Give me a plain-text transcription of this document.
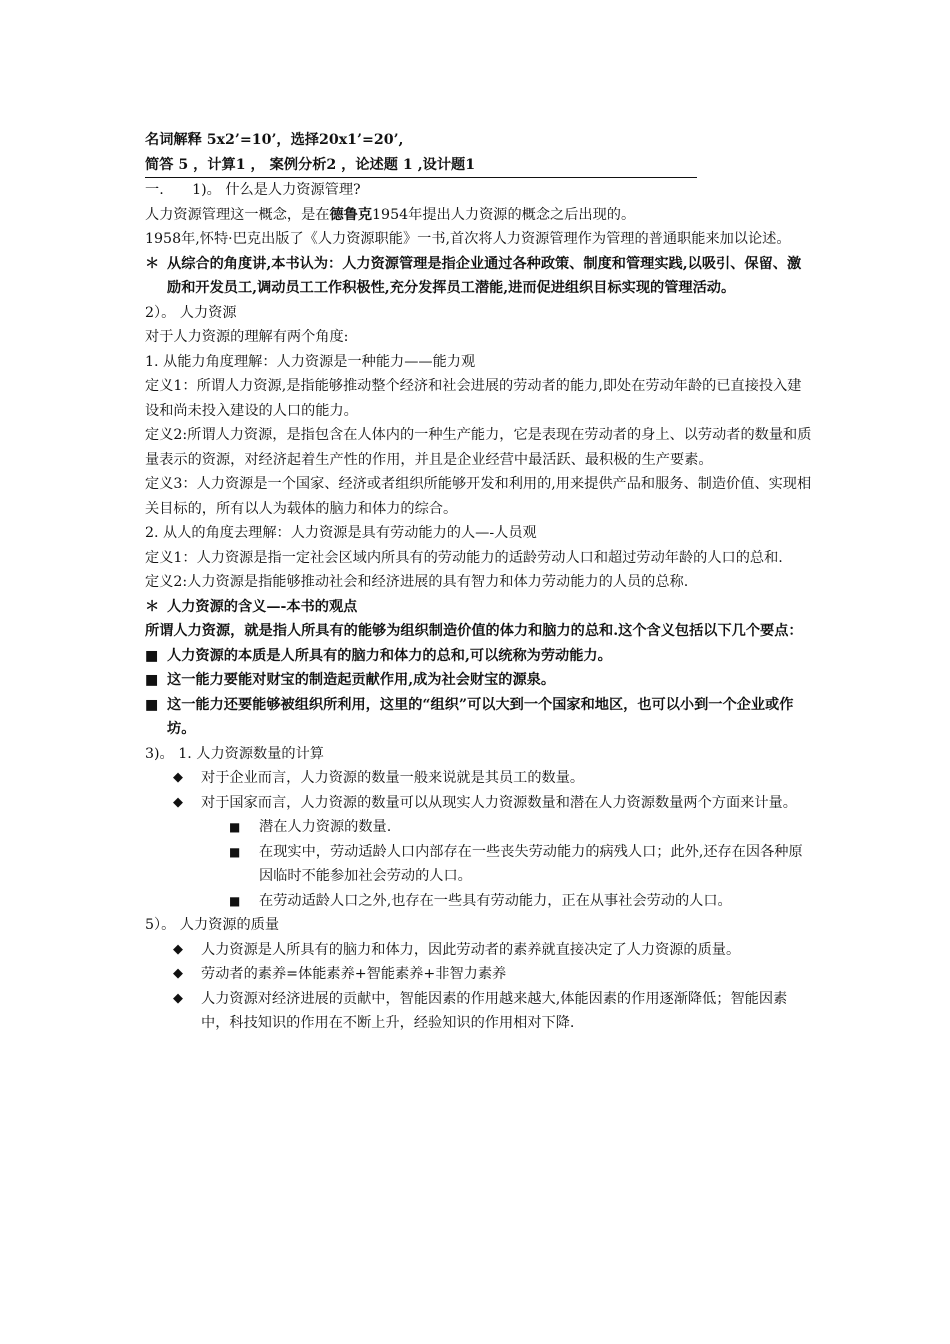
名词解释 5x2’=10’，选择20x1’=20’,

简答 5 ，计算1 ， 案例分析2 ，论述题 1 ,设计题1

一.　　1)。 什么是人力资源管理?

人力资源管理这一概念，是在德鲁克1954年提出人力资源的概念之后出现的。

1958年,怀特·巴克出版了《人力资源职能》一书,首次将人力资源管理作为管理的普通职能来加以论述。

＊ 从综合的角度讲,本书认为：人力资源管理是指企业通过各种政策、制度和管理实践,以吸引、保留、激励和开发员工,调动员工工作积极性,充分发挥员工潜能,进而促进组织目标实现的管理活动。

2）。 人力资源

对于人力资源的理解有两个角度:

1. 从能力角度理解：人力资源是一种能力——能力观

定义1：所谓人力资源,是指能够推动整个经济和社会进展的劳动者的能力,即处在劳动年龄的已直接投入建设和尚未投入建设的人口的能力。

定义2:所谓人力资源，是指包含在人体内的一种生产能力，它是表现在劳动者的身上、以劳动者的数量和质量表示的资源，对经济起着生产性的作用，并且是企业经营中最活跃、最积极的生产要素。

定义3：人力资源是一个国家、经济或者组织所能够开发和利用的,用来提供产品和服务、制造价值、实现相关目标的，所有以人为载体的脑力和体力的综合。

2. 从人的角度去理解：人力资源是具有劳动能力的人—-人员观

定义1：人力资源是指一定社会区域内所具有的劳动能力的适龄劳动人口和超过劳动年龄的人口的总和.

定义2:人力资源是指能够推动社会和经济进展的具有智力和体力劳动能力的人员的总称.

＊ 人力资源的含义—-本书的观点

所谓人力资源，就是指人所具有的能够为组织制造价值的体力和脑力的总和.这个含义包括以下几个要点：

■ 人力资源的本质是人所具有的脑力和体力的总和,可以统称为劳动能力。
■ 这一能力要能对财宝的制造起贡献作用,成为社会财宝的源泉。
■ 这一能力还要能够被组织所利用，这里的“组织”可以大到一个国家和地区，也可以小到一个企业或作坊。

3)。 1. 人力资源数量的计算

◆	对于企业而言，人力资源的数量一般来说就是其员工的数量。
◆	对于国家而言，人力资源的数量可以从现实人力资源数量和潜在人力资源数量两个方面来计量。
■	潜在人力资源的数量.
■	在现实中，劳动适龄人口内部存在一些丧失劳动能力的病残人口；此外,还存在因各种原因临时不能参加社会劳动的人口。
■	在劳动适龄人口之外,也存在一些具有劳动能力，正在从事社会劳动的人口。

5）。 人力资源的质量

◆	人力资源是人所具有的脑力和体力，因此劳动者的素养就直接决定了人力资源的质量。
◆	劳动者的素养=体能素养+智能素养+非智力素养
◆	人力资源对经济进展的贡献中，智能因素的作用越来越大,体能因素的作用逐渐降低；智能因素中，科技知识的作用在不断上升，经验知识的作用相对下降.
